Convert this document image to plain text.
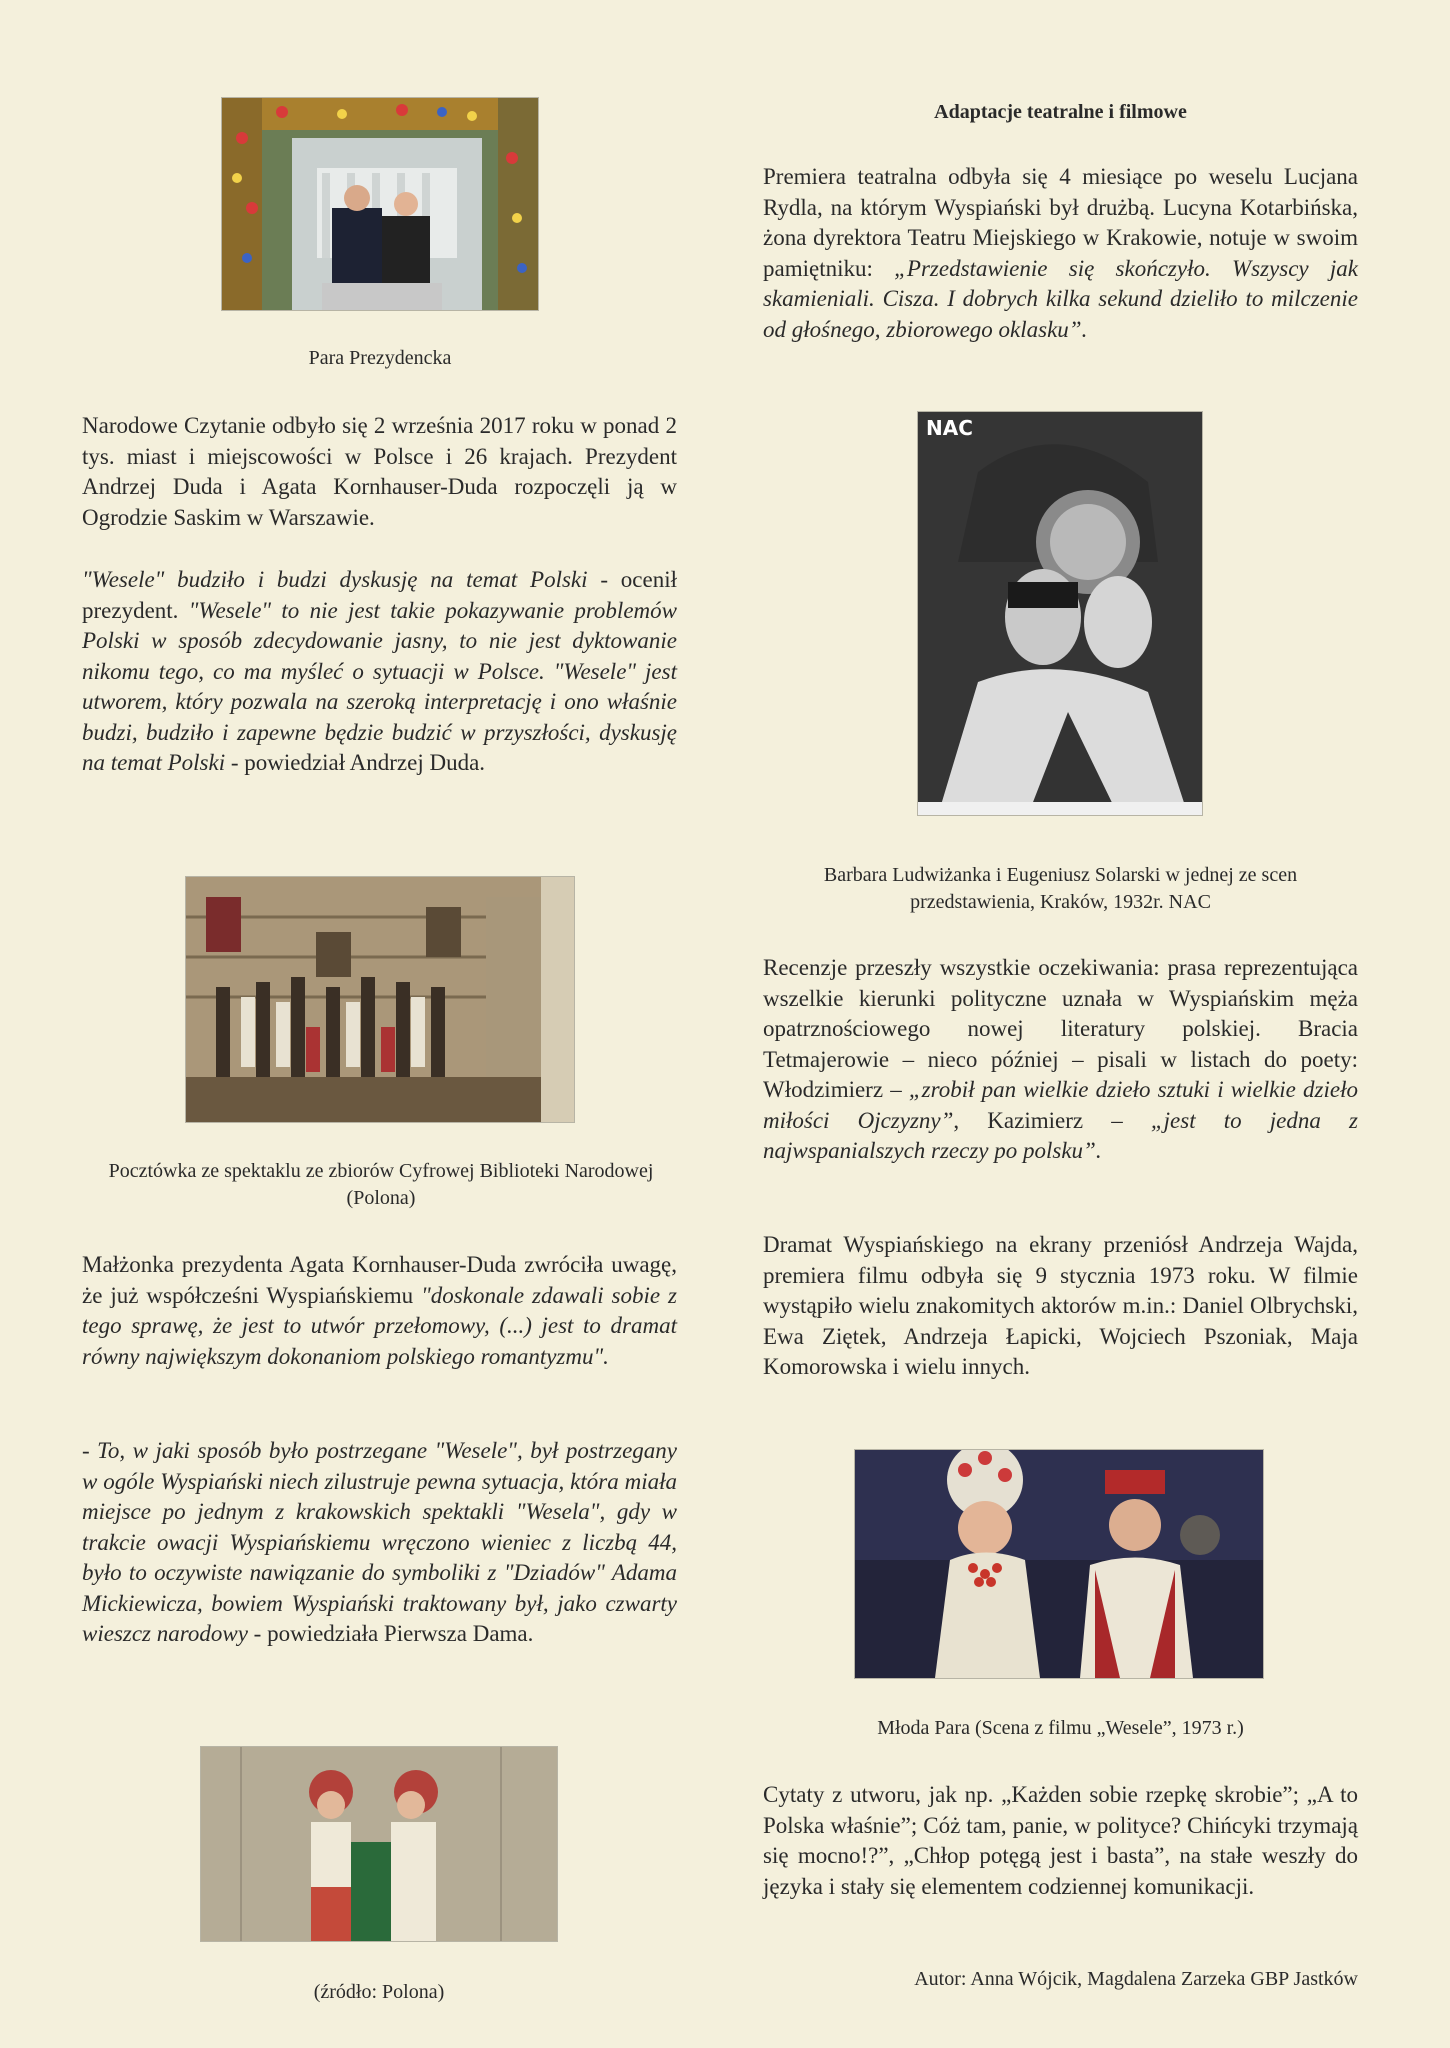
Para Prezydencka
Narodowe Czytanie odbyło się 2 września 2017 roku w ponad 2 tys. miast i miejscowości w Polsce i 26 krajach. Prezydent Andrzej Duda i Agata Kornhauser-Duda rozpoczęli ją w Ogrodzie Saskim w Warszawie.
"Wesele" budziło i budzi dyskusję na temat Polski - ocenił prezydent. "Wesele" to nie jest takie pokazywanie problemów Polski w sposób zdecydowanie jasny, to nie jest dyktowanie nikomu tego, co ma myśleć o sytuacji w Polsce. "Wesele" jest utworem, który pozwala na szeroką interpretację i ono właśnie budzi, budziło i zapewne będzie budzić w przyszłości, dyskusję na temat Polski - powiedział Andrzej Duda.
Pocztówka ze spektaklu ze zbiorów Cyfrowej Biblioteki Narodowej (Polona)
Małżonka prezydenta Agata Kornhauser-Duda zwróciła uwagę, że już współcześni Wyspiańskiemu "doskonale zdawali sobie z tego sprawę, że jest to utwór przełomowy, (...) jest to dramat równy największym dokonaniom polskiego romantyzmu".
- To, w jaki sposób było postrzegane "Wesele", był postrzegany w ogóle Wyspiański niech zilustruje pewna sytuacja, która miała miejsce po jednym z krakowskich spektakli "Wesela", gdy w trakcie owacji Wyspiańskiemu wręczono wieniec z liczbą 44, było to oczywiste nawiązanie do symboliki z "Dziadów" Adama Mickiewicza, bowiem Wyspiański traktowany był, jako czwarty wieszcz narodowy - powiedziała Pierwsza Dama.
(źródło: Polona)
Adaptacje teatralne i filmowe
Premiera teatralna odbyła się 4 miesiące po weselu Lucjana Rydla, na którym Wyspiański był drużbą. Lucyna Kotarbińska, żona dyrektora Teatru Miejskiego w Krakowie, notuje w swoim pamiętniku: „Przedstawienie się skończyło. Wszyscy jak skamieniali. Cisza. I dobrych kilka sekund dzieliło to milczenie od głośnego, zbiorowego oklasku”.
NAC
Barbara Ludwiżanka i Eugeniusz Solarski w jednej ze scen przedstawienia, Kraków, 1932r. NAC
Recenzje przeszły wszystkie oczekiwania: prasa reprezentująca wszelkie kierunki polityczne uznała w Wyspiańskim męża opatrznościowego nowej literatury polskiej. Bracia Tetmajerowie – nieco później – pisali w listach do poety: Włodzimierz – „zrobił pan wielkie dzieło sztuki i wielkie dzieło miłości Ojczyzny”, Kazimierz – „jest to jedna z najwspanialszych rzeczy po polsku”.
Dramat Wyspiańskiego na ekrany przeniósł Andrzeja Wajda, premiera filmu odbyła się 9 stycznia 1973 roku. W filmie wystąpiło wielu znakomitych aktorów m.in.: Daniel Olbrychski, Ewa Ziętek, Andrzeja Łapicki, Wojciech Pszoniak, Maja Komorowska i wielu innych.
Młoda Para (Scena z filmu „Wesele”, 1973 r.)
Cytaty z utworu, jak np. „Każden sobie rzepkę skrobie”; „A to Polska właśnie”; Cóż tam, panie, w polityce? Chińcyki trzymają się mocno!?”, „Chłop potęgą jest i basta”, na stałe weszły do języka i stały się elementem codziennej komunikacji.
Autor: Anna Wójcik, Magdalena Zarzeka GBP Jastków
